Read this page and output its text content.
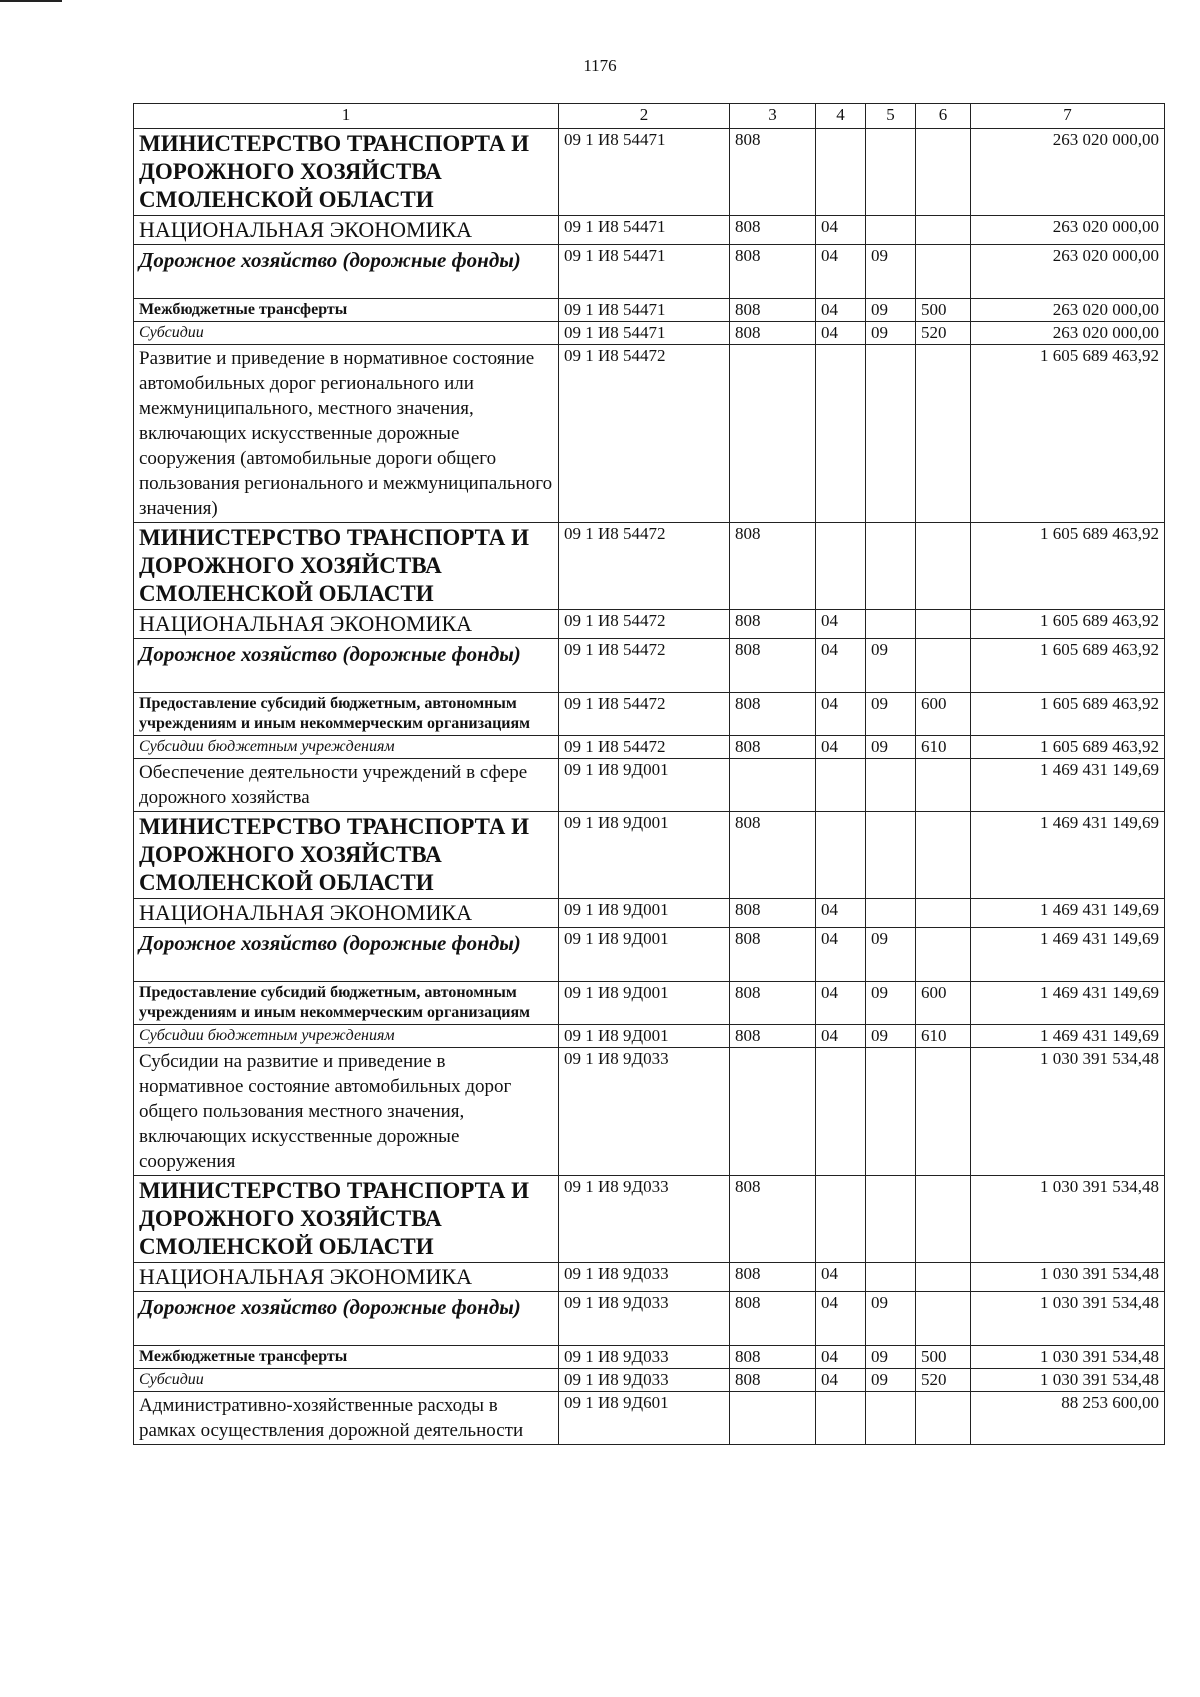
1176
1	2	3	4	5	6	7
МИНИСТЕРСТВО ТРАНСПОРТА И ДОРОЖНОГО ХОЗЯЙСТВА СМОЛЕНСКОЙ ОБЛАСТИ	09 1 И8 54471	808				263 020 000,00
НАЦИОНАЛЬНАЯ ЭКОНОМИКА	09 1 И8 54471	808	04			263 020 000,00
Дорожное хозяйство (дорожные фонды)	09 1 И8 54471	808	04	09		263 020 000,00
Межбюджетные трансферты	09 1 И8 54471	808	04	09	500	263 020 000,00
Субсидии	09 1 И8 54471	808	04	09	520	263 020 000,00
Развитие и приведение в нормативное состояние автомобильных дорог регионального или межмуниципального, местного значения, включающих искусственные дорожные сооружения (автомобильные дороги общего пользования регионального и межмуниципального значения)	09 1 И8 54472					1 605 689 463,92
МИНИСТЕРСТВО ТРАНСПОРТА И ДОРОЖНОГО ХОЗЯЙСТВА СМОЛЕНСКОЙ ОБЛАСТИ	09 1 И8 54472	808				1 605 689 463,92
НАЦИОНАЛЬНАЯ ЭКОНОМИКА	09 1 И8 54472	808	04			1 605 689 463,92
Дорожное хозяйство (дорожные фонды)	09 1 И8 54472	808	04	09		1 605 689 463,92
Предоставление субсидий бюджетным, автономным учреждениям и иным некоммерческим организациям	09 1 И8 54472	808	04	09	600	1 605 689 463,92
Субсидии бюджетным учреждениям	09 1 И8 54472	808	04	09	610	1 605 689 463,92
Обеспечение деятельности учреждений в сфере дорожного хозяйства	09 1 И8 9Д001					1 469 431 149,69
МИНИСТЕРСТВО ТРАНСПОРТА И ДОРОЖНОГО ХОЗЯЙСТВА СМОЛЕНСКОЙ ОБЛАСТИ	09 1 И8 9Д001	808				1 469 431 149,69
НАЦИОНАЛЬНАЯ ЭКОНОМИКА	09 1 И8 9Д001	808	04			1 469 431 149,69
Дорожное хозяйство (дорожные фонды)	09 1 И8 9Д001	808	04	09		1 469 431 149,69
Предоставление субсидий бюджетным, автономным учреждениям и иным некоммерческим организациям	09 1 И8 9Д001	808	04	09	600	1 469 431 149,69
Субсидии бюджетным учреждениям	09 1 И8 9Д001	808	04	09	610	1 469 431 149,69
Субсидии на развитие и приведение в нормативное состояние автомобильных дорог общего пользования местного значения, включающих искусственные дорожные сооружения	09 1 И8 9Д033					1 030 391 534,48
МИНИСТЕРСТВО ТРАНСПОРТА И ДОРОЖНОГО ХОЗЯЙСТВА СМОЛЕНСКОЙ ОБЛАСТИ	09 1 И8 9Д033	808				1 030 391 534,48
НАЦИОНАЛЬНАЯ ЭКОНОМИКА	09 1 И8 9Д033	808	04			1 030 391 534,48
Дорожное хозяйство (дорожные фонды)	09 1 И8 9Д033	808	04	09		1 030 391 534,48
Межбюджетные трансферты	09 1 И8 9Д033	808	04	09	500	1 030 391 534,48
Субсидии	09 1 И8 9Д033	808	04	09	520	1 030 391 534,48
Административно-хозяйственные расходы в рамках осуществления дорожной деятельности	09 1 И8 9Д601					88 253 600,00
